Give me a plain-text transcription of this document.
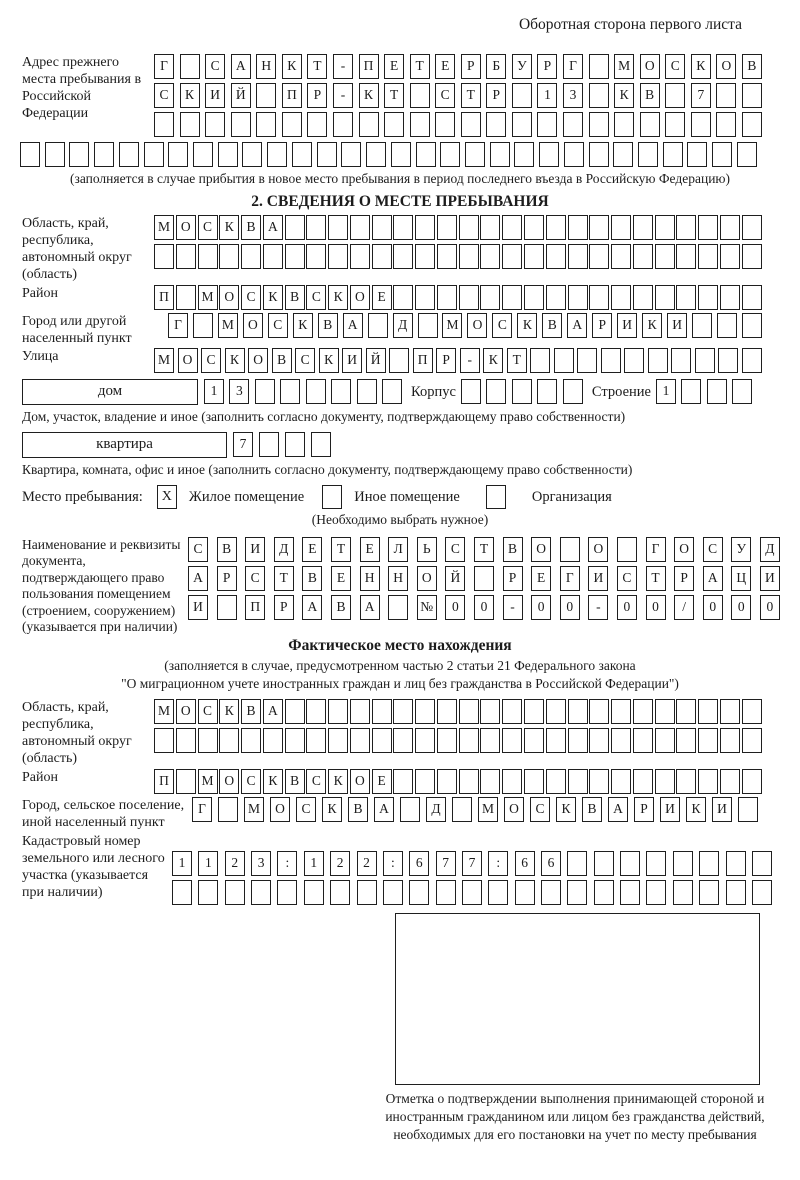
Оборотная сторона первого листа
Адрес прежнего места пребывания в Российской Федерации
Г	С	А	Н	К	Т	-	П	Е	Т	Е	Р	Б	У	Р	Г	М	О	С	К	О	В
С	К	И	Й	П	Р	-	К	Т	С	Т	Р	1	3	К	В	7
(заполняется в случае прибытия в новое место пребывания в период последнего въезда в Российскую Федерацию)
2. СВЕДЕНИЯ О МЕСТЕ ПРЕБЫВАНИЯ
Область, край, республика, автономный округ (область)
М О С К В А
Район	П	М О С К В С К О Е
Город или другой населенный пункт
Г	М	О	С	К	В	А	Д	М	О	С	К	В	А	Р	И	К	И
Улица	М О	С	К	О	В	С	К	И	Й	П	Р	-	К	Т
дом	1	3	Корпус	Строение 1
Дом, участок, владение и иное (заполнить согласно документу, подтверждающему право собственности)
квартира	7
Квартира, комната, офис и иное (заполнить согласно документу, подтверждающему право собственности)
Место пребывания:	X	Жилое помещение	Иное помещение	Организация
(Необходимо выбрать нужное)
Наименование и реквизиты документа, подтверждающего право пользования помещением (строением, сооружением) (указывается при наличии)
С	В	И	Д	Е	Т	Е	Л	Ь	С	Т	В	О	О	Г	О	С	У	Д
А	Р	С	Т	В	Е	Н	Н	О	Й	Р	Е	Г	И	С	Т	Р	А	Ц	И
И	П	Р	А	В	А	№	0	0	-	0	0	-	0	0	/	0	0	0
Фактическое место нахождения
(заполняется в случае, предусмотренном частью 2 статьи 21 Федерального закона
"О миграционном учете иностранных граждан и лиц без гражданства в Российской Федерации")
Область, край, республика, автономный округ (область)
М О С К В А
Район	П	М О С К В С К О Е
Город, сельское поселение, иной населенный пункт
Г	М	О	С	К	В	А	Д	М	О	С	К	В	А	Р	И	К	И
Кадастровый номер земельного или лесного участка (указывается при наличии)
1	1	2	3	:	1	2	2	:	6	7	7	:	6	6
Отметка о подтверждении выполнения принимающей стороной и иностранным гражданином или лицом без гражданства действий, необходимых для его постановки на учет по месту пребывания
